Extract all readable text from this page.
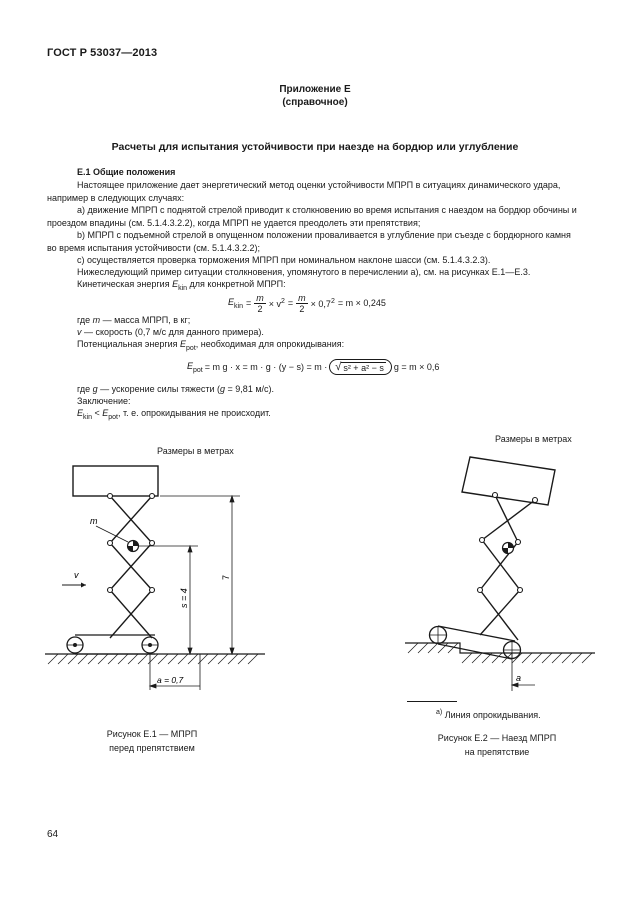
ГОСТ Р 53037—2013
Приложение Е
(справочное)
Расчеты для испытания устойчивости при наезде на бордюр или углубление
Е.1 Общие положения
Настоящее приложение дает энергетический метод оценки устойчивости МПРП в ситуациях динамического удара, например в следующих случаях:
а) движение МПРП с поднятой стрелой приводит к столкновению во время испытания с наездом на бордюр обочины и проездом впадины (см. 5.1.4.3.2.2), когда МПРП не удается преодолеть эти препятствия;
b) МПРП с подъемной стрелой в опущенном положении проваливается в углубление при съезде с бордюрного камня во время испытания устойчивости (см. 5.1.4.3.2.2);
с) осуществляется проверка торможения МПРП при номинальном наклоне шасси (см. 5.1.4.3.2.3).
Нижеследующий пример ситуации столкновения, упомянутого в перечислении а), см. на рисунках Е.1—Е.3.
Кинетическая энергия $E_{kin}$ для конкретной МПРП:
$E_{kin} = \frac{m}{2} \times v^2 = \frac{m}{2} \times 0,7^2 = m \times 0,245$
где m — масса МПРП, в кг;
v — скорость (0,7 м/с для данного примера).
Потенциальная энергия $E_{pot}$, необходимая для опрокидывания:
$E_{pot} = m$ g · x = m · g · (y − s) = m · √ s² + a² − s g = m × 0,6
где g — ускорение силы тяжести (g = 9,81 м/с).
Заключение:
$E_{kin} < E_{pot}$, т. е. опрокидывания не происходит.
Размеры в метрах
Размеры в метрах
m
v
s = 4
7
a = 0,7	a
$^{a)}$ Линия опрокидывания.
Рисунок Е.1 — МПРП
перед препятствием
Рисунок Е.2 — Наезд МПРП
на препятствие
64
